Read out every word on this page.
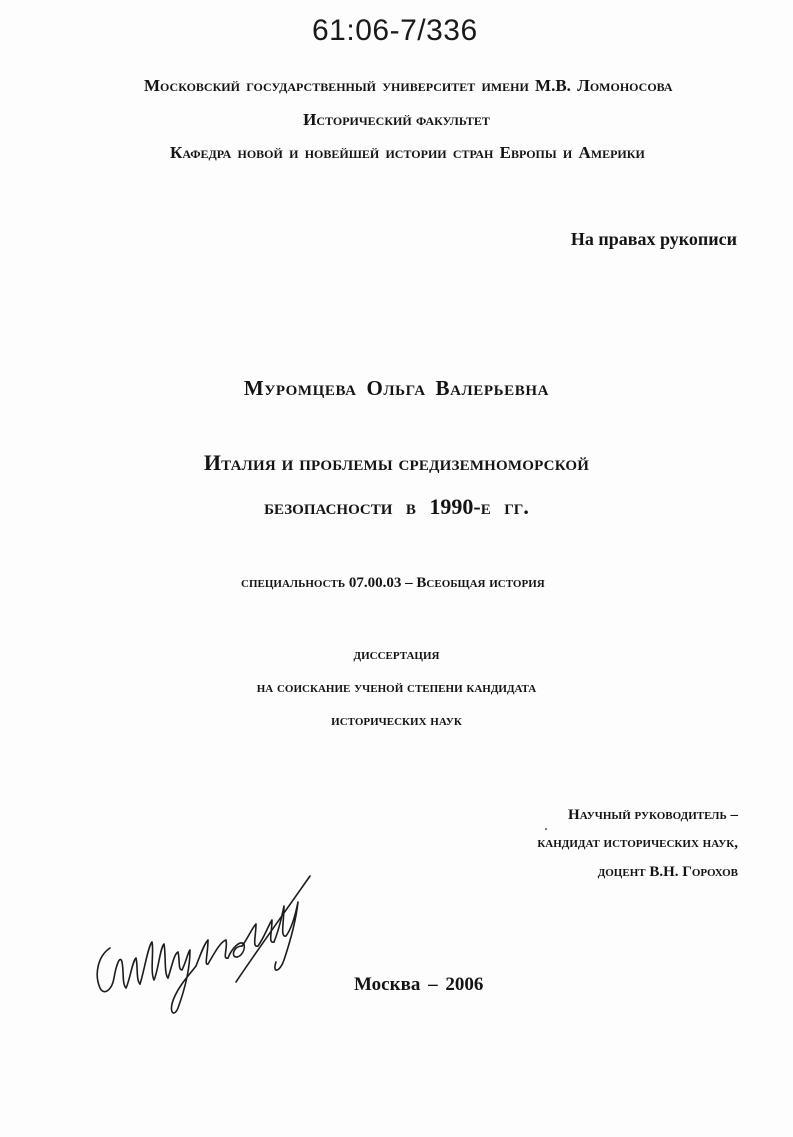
61:06-7/336
Московский государственный университет имени М.В. Ломоносова
Исторический факультет
Кафедра новой и новейшей истории стран Европы и Америки
На правах рукописи
Муромцева Ольга Валерьевна
Италия и проблемы средиземноморской
безопасности в 1990-е гг.
специальность 07.00.03 – Всеобщая история
диссертация
на соискание ученой степени кандидата
исторических наук
Научный руководитель –
кандидат исторических наук,
доцент В.Н. Горохов
Москва – 2006
